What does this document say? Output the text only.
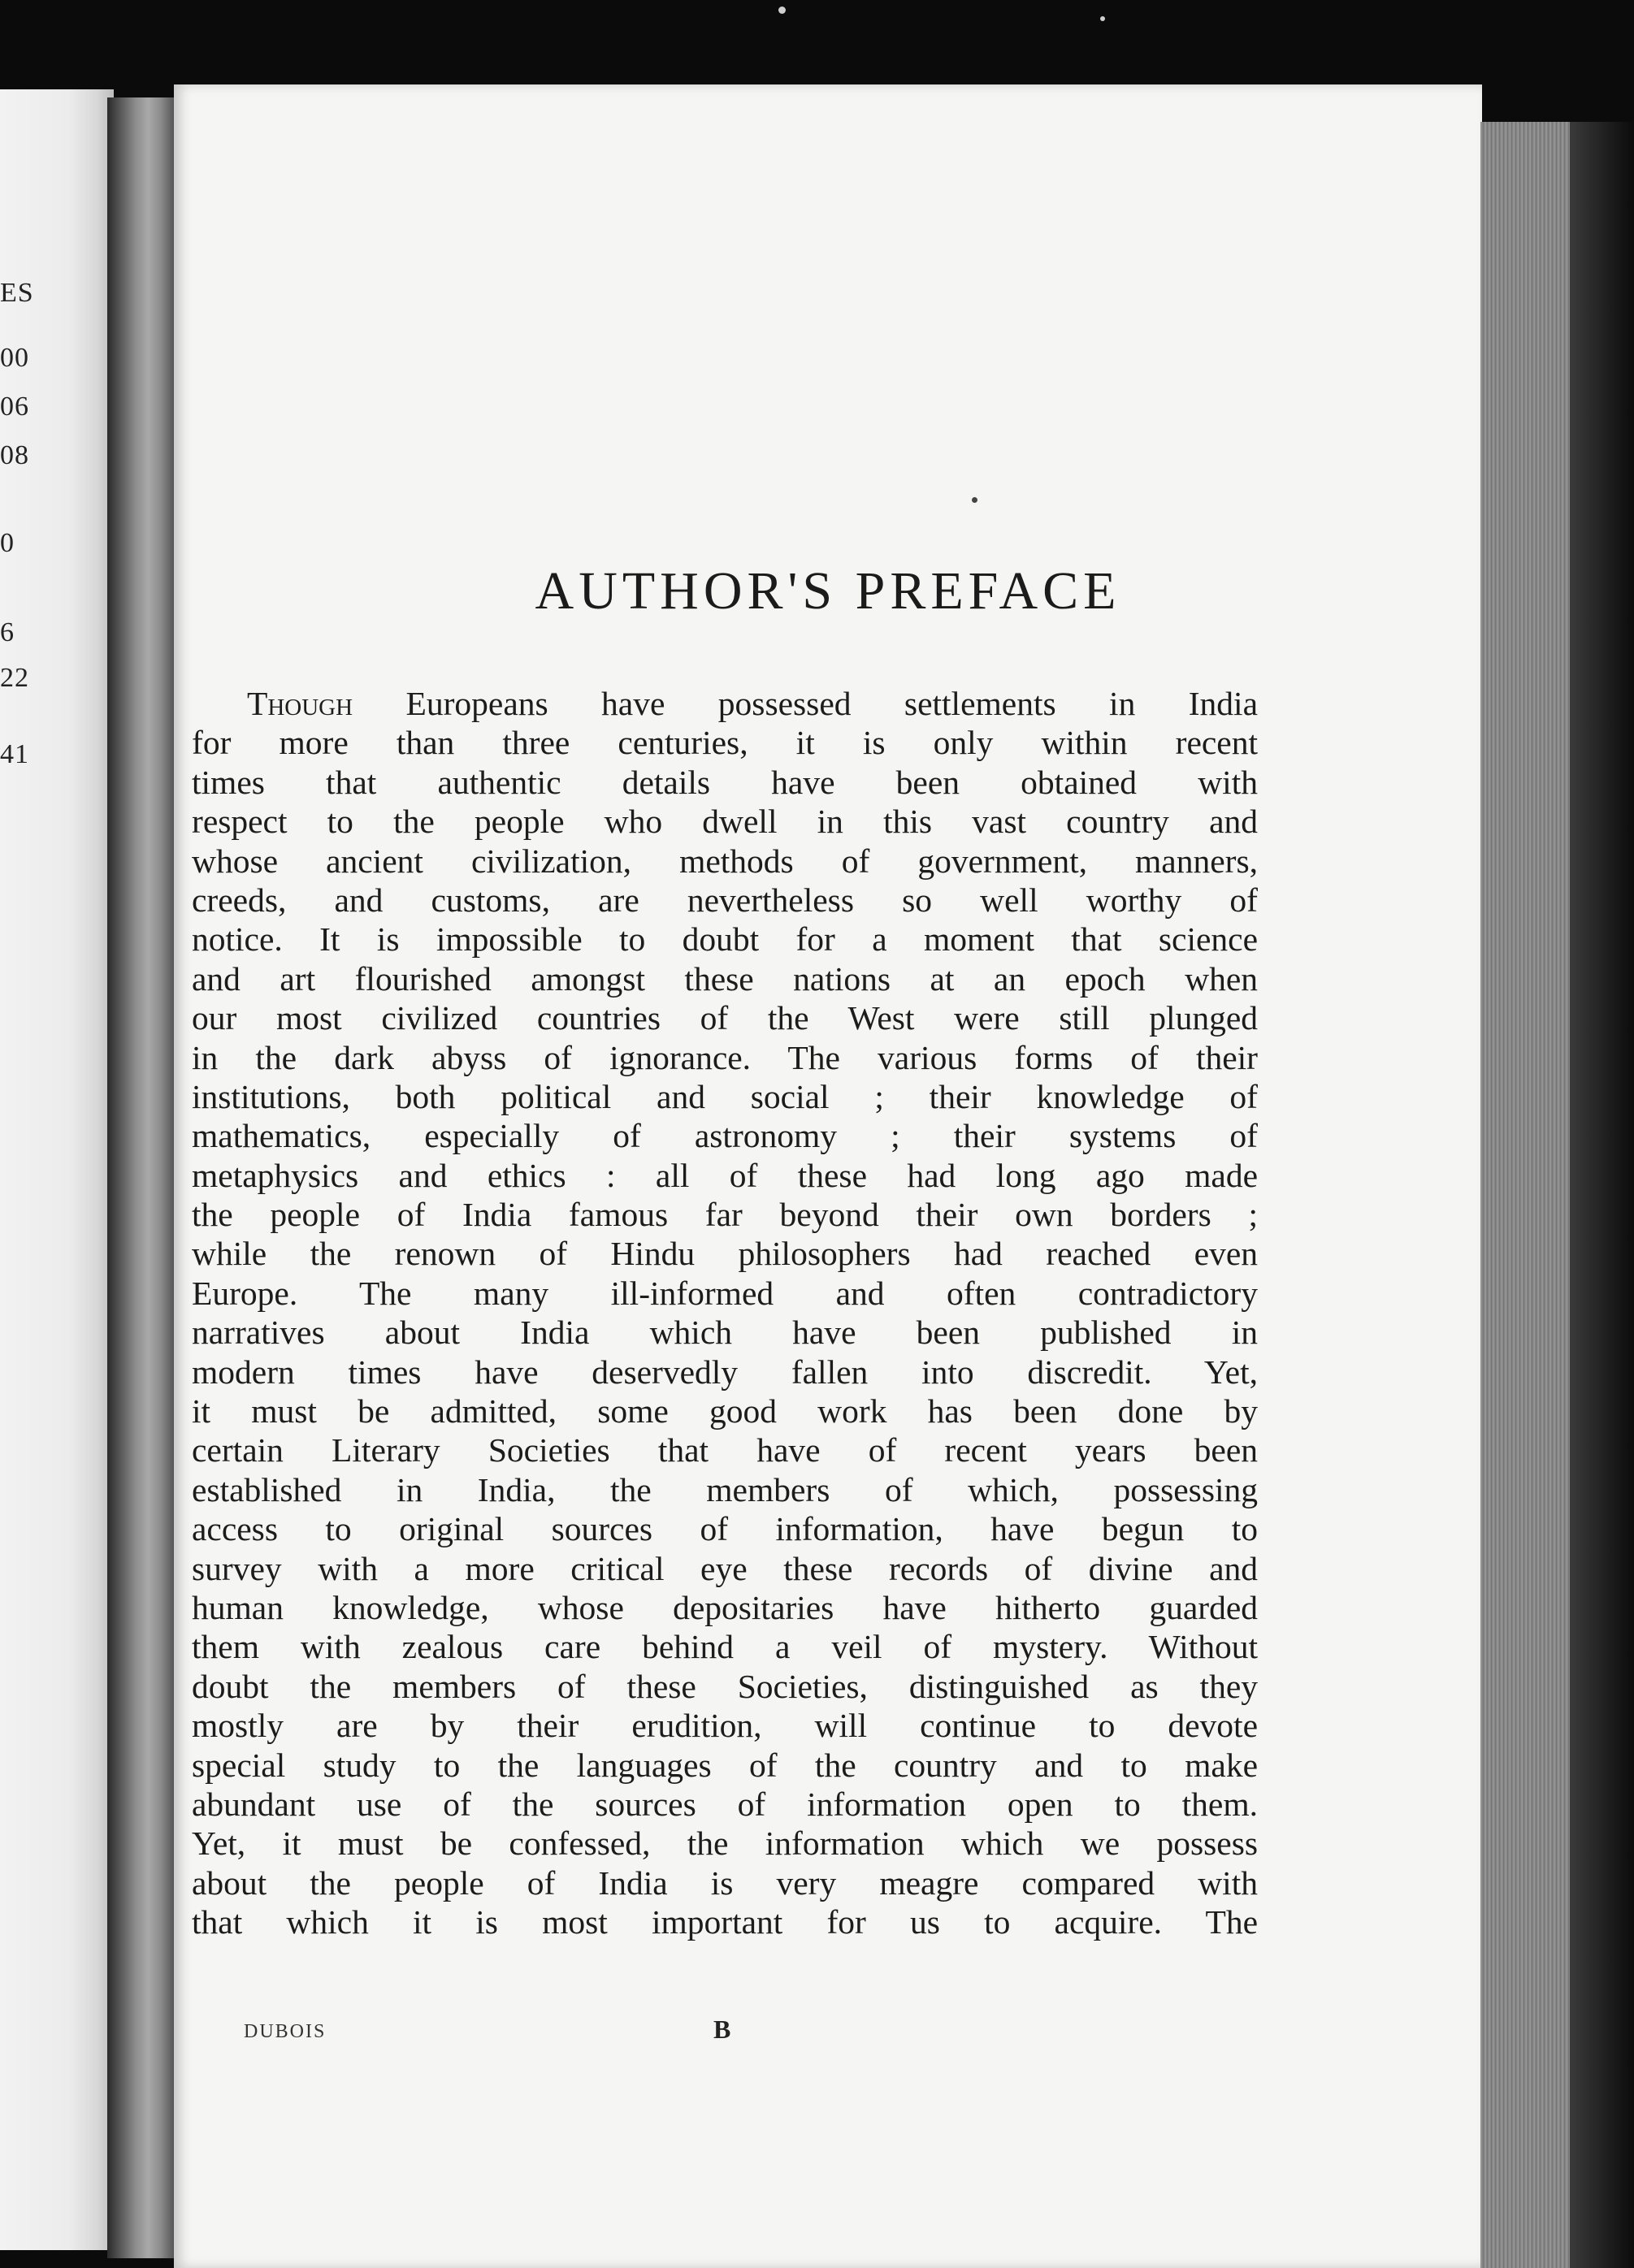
ES
00
06
08
0
6
22
41
AUTHOR'S PREFACE
Though Europeans have possessed settlements in India
for more than three centuries, it is only within recent
times that authentic details have been obtained with
respect to the people who dwell in this vast country and
whose ancient civilization, methods of government, manners,
creeds, and customs, are nevertheless so well worthy of
notice. It is impossible to doubt for a moment that science
and art flourished amongst these nations at an epoch when
our most civilized countries of the West were still plunged
in the dark abyss of ignorance. The various forms of their
institutions, both political and social ; their knowledge of
mathematics, especially of astronomy ; their systems of
metaphysics and ethics : all of these had long ago made
the people of India famous far beyond their own borders ;
while the renown of Hindu philosophers had reached even
Europe. The many ill-informed and often contradictory
narratives about India which have been published in
modern times have deservedly fallen into discredit. Yet,
it must be admitted, some good work has been done by
certain Literary Societies that have of recent years been
established in India, the members of which, possessing
access to original sources of information, have begun to
survey with a more critical eye these records of divine and
human knowledge, whose depositaries have hitherto guarded
them with zealous care behind a veil of mystery. Without
doubt the members of these Societies, distinguished as they
mostly are by their erudition, will continue to devote
special study to the languages of the country and to make
abundant use of the sources of information open to them.
Yet, it must be confessed, the information which we possess
about the people of India is very meagre compared with
that which it is most important for us to acquire. The
DUBOIS	B
